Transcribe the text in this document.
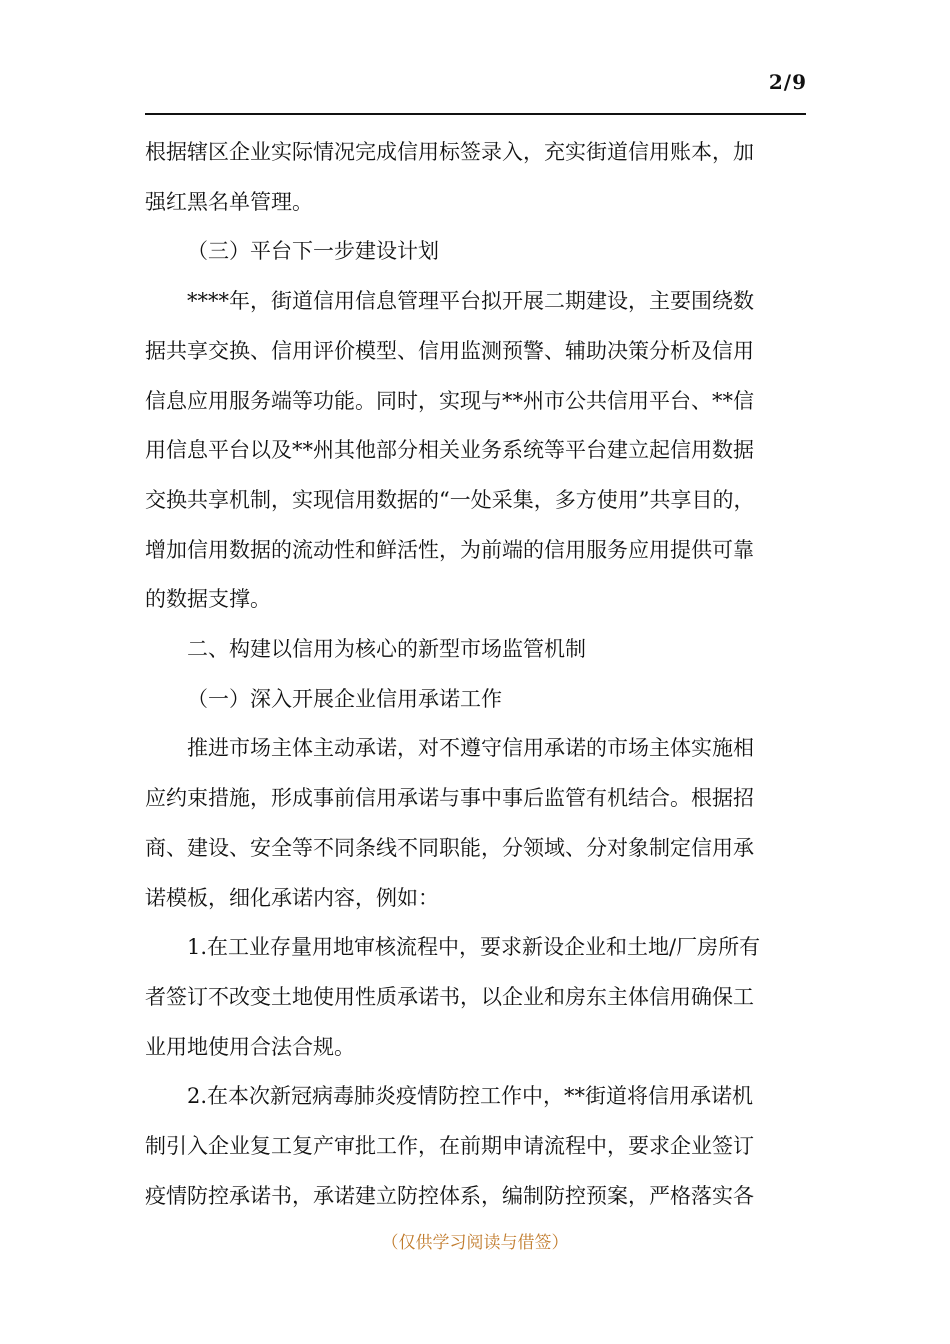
2/9

根据辖区企业实际情况完成信用标签录入，充实街道信用账本，加

强红黑名单管理。

（三）平台下一步建设计划

****年，街道信用信息管理平台拟开展二期建设，主要围绕数

据共享交换、信用评价模型、信用监测预警、辅助决策分析及信用

信息应用服务端等功能。同时，实现与**州市公共信用平台、**信

用信息平台以及**州其他部分相关业务系统等平台建立起信用数据

交换共享机制，实现信用数据的“一处采集，多方使用”共享目的，

增加信用数据的流动性和鲜活性，为前端的信用服务应用提供可靠

的数据支撑。

二、构建以信用为核心的新型市场监管机制

（一）深入开展企业信用承诺工作

推进市场主体主动承诺，对不遵守信用承诺的市场主体实施相

应约束措施，形成事前信用承诺与事中事后监管有机结合。根据招

商、建设、安全等不同条线不同职能，分领域、分对象制定信用承

诺模板，细化承诺内容，例如：

1.在工业存量用地审核流程中，要求新设企业和土地/厂房所有

者签订不改变土地使用性质承诺书，以企业和房东主体信用确保工

业用地使用合法合规。

2.在本次新冠病毒肺炎疫情防控工作中，**街道将信用承诺机

制引入企业复工复产审批工作，在前期申请流程中，要求企业签订

疫情防控承诺书，承诺建立防控体系，编制防控预案，严格落实各

（仅供学习阅读与借签）
